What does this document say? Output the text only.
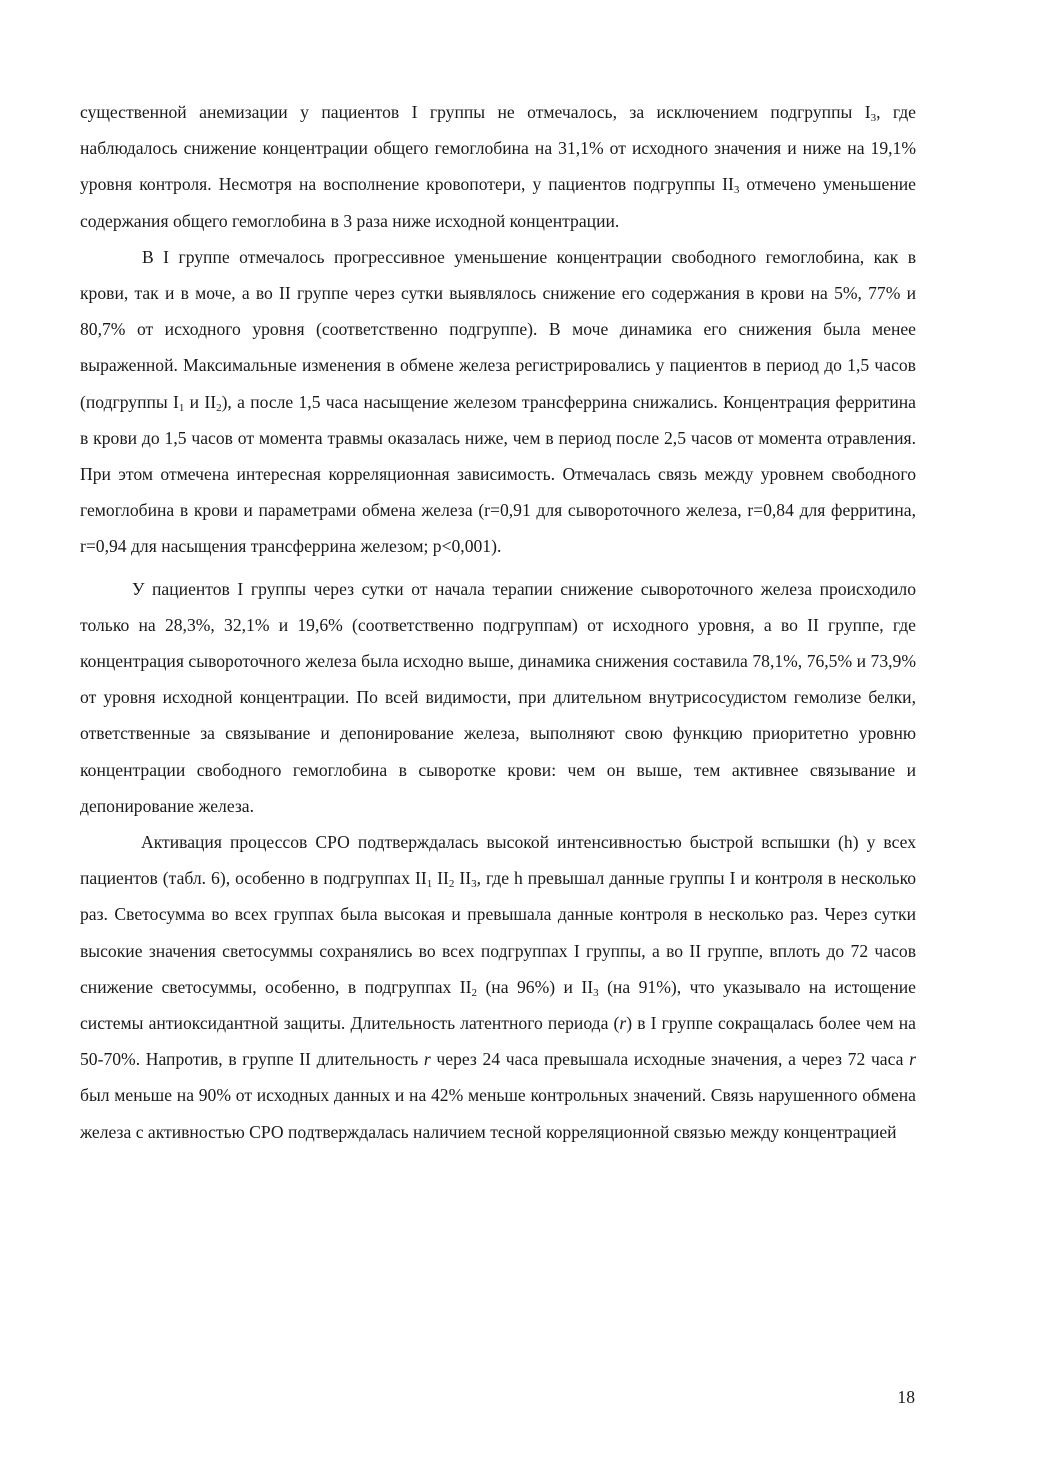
существенной анемизации у пациентов I группы не отмечалось, за исключением подгруппы $I_3$, где наблюдалось снижение концентрации общего гемоглобина на 31,1% от исходного значения и ниже на 19,1% уровня контроля. Несмотря на восполнение кровопотери, у пациентов подгруппы $II_3$ отмечено уменьшение содержания общего гемоглобина в 3 раза ниже исходной концентрации.

В I группе отмечалось прогрессивное уменьшение концентрации свободного гемоглобина, как в крови, так и в моче, а во II группе через сутки выявлялось снижение его содержания в крови на 5%, 77% и 80,7% от исходного уровня (соответственно подгруппе). В моче динамика его снижения была менее выраженной. Максимальные изменения в обмене железа регистрировались у пациентов в период до 1,5 часов (подгруппы $I_1$ и $II_2$), а после 1,5 часа насыщение железом трансферрина снижались. Концентрация ферритина в крови до 1,5 часов от момента травмы оказалась ниже, чем в период после 2,5 часов от момента отравления. При этом отмечена интересная корреляционная зависимость. Отмечалась связь между уровнем свободного гемоглобина в крови и параметрами обмена железа (r=0,91 для сывороточного железа, r=0,84 для ферритина, r=0,94 для насыщения трансферрина железом; p<0,001).

У пациентов I группы через сутки от начала терапии снижение сывороточного железа происходило только на 28,3%, 32,1% и 19,6% (соответственно подгруппам) от исходного уровня, а во II группе, где концентрация сывороточного железа была исходно выше, динамика снижения составила 78,1%, 76,5% и 73,9% от уровня исходной концентрации. По всей видимости, при длительном внутрисосудистом гемолизе белки, ответственные за связывание и депонирование железа, выполняют свою функцию приоритетно уровню концентрации свободного гемоглобина в сыворотке крови: чем он выше, тем активнее связывание и депонирование железа.

Активация процессов СРО подтверждалась высокой интенсивностью быстрой вспышки (h) у всех пациентов (табл. 6), особенно в подгруппах $II_1$ $II_2$ $II_3$, где h превышал данные группы I и контроля в несколько раз. Светосумма во всех группах была высокая и превышала данные контроля в несколько раз. Через сутки высокие значения светосуммы сохранялись во всех подгруппах I группы, а во II группе, вплоть до 72 часов снижение светосуммы, особенно, в подгруппах $II_2$ (на 96%) и $II_3$ (на 91%), что указывало на истощение системы антиоксидантной защиты. Длительность латентного периода (r) в I группе сокращалась более чем на 50-70%. Напротив, в группе II длительность r через 24 часа превышала исходные значения, а через 72 часа r был меньше на 90% от исходных данных и на 42% меньше контрольных значений. Связь нарушенного обмена железа с активностью СРО подтверждалась наличием тесной корреляционной связью между концентрацией

18
